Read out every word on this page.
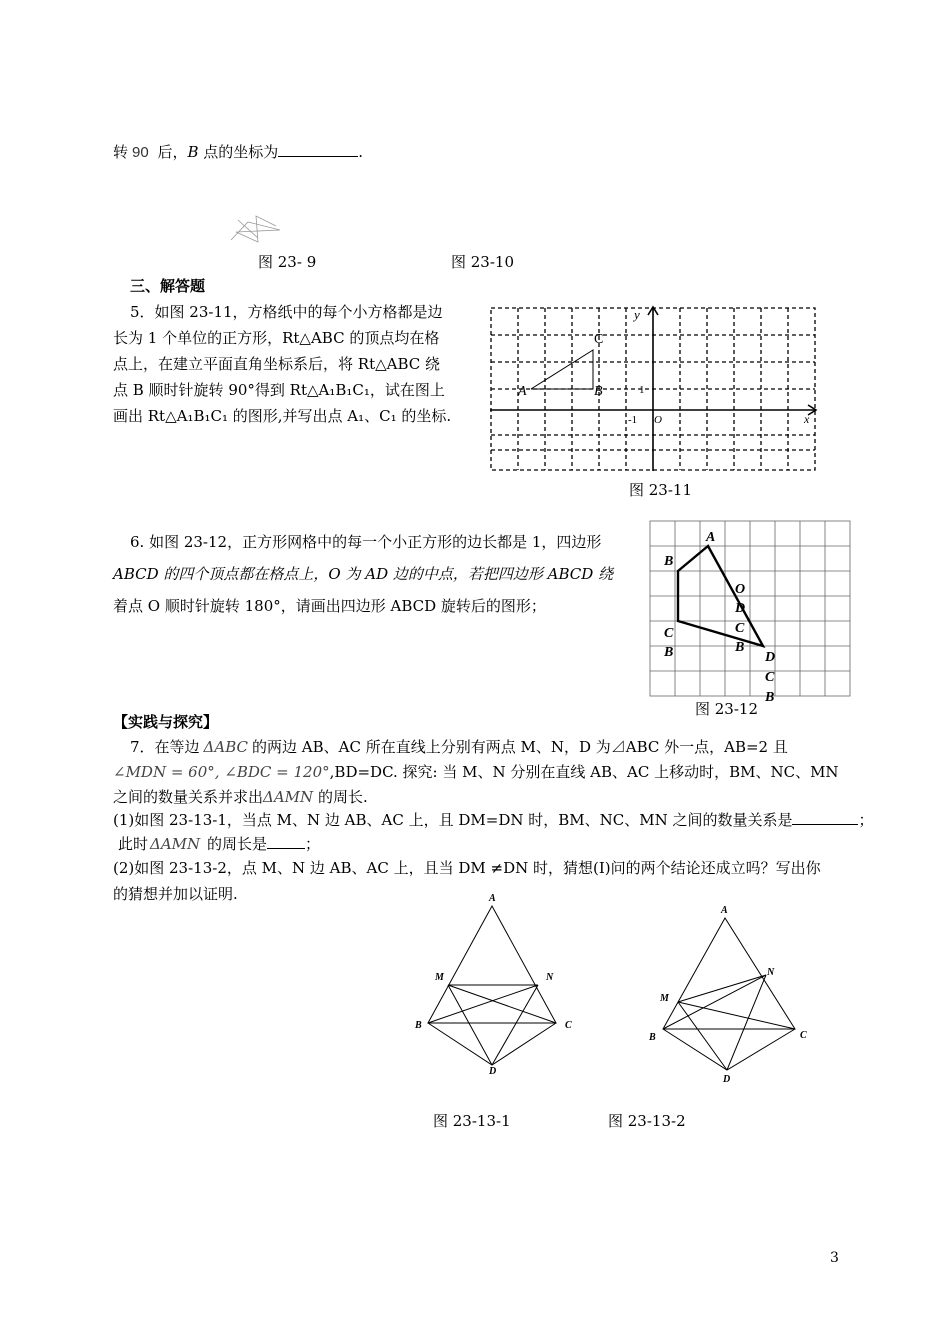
转 90 后，B 点的坐标为	.
图 23- 9	图 23-10
三、解答题
5．如图 23-11，方格纸中的每个小方格都是边
长为 1 个单位的正方形，Rt△ABC 的顶点均在格
点上，在建立平面直角坐标系后，将 Rt△ABC 绕
点 B 顺时针旋转 90°得到 Rt△A₁B₁C₁，试在图上
画出 Rt△A₁B₁C₁ 的图形,并写出点 A₁、C₁ 的坐标.
y
x
O
-1
1
A	B
C
图 23-11
6. 如图 23-12，正方形网格中的每一个小正方形的边长都是 1，四边形
ABCD 的四个顶点都在格点上，O 为 AD 边的中点，若把四边形 ABCD 绕
着点 O 顺时针旋转 180°，请画出四边形 ABCD 旋转后的图形；
A
B
O
D
C
C
B	B
D
C
B
图 23-12
【实践与探究】
7．在等边 ΔABC 的两边 AB、AC 所在直线上分别有两点 M、N，D 为⊿ABC 外一点，AB=2 且
∠MDN = 60°, ∠BDC = 120°,BD=DC. 探究: 当 M、N 分别在直线 AB、AC 上移动时，BM、NC、MN
之间的数量关系并求出ΔAMN 的周长.
(1)如图 23-13-1，当点 M、N 边 AB、AC 上，且 DM=DN 时，BM、NC、MN 之间的数量关系是	；
此时 ΔAMN 的周长是	；
(2)如图 23-13-2，点 M、N 边 AB、AC 上，且当 DM ≠DN 时，猜想(I)问的两个结论还成立吗？写出你
的猜想并加以证明.	A
B	C
D
M	N
A
B	C
D
M
N
图 23-13-1	图 23-13-2
3
